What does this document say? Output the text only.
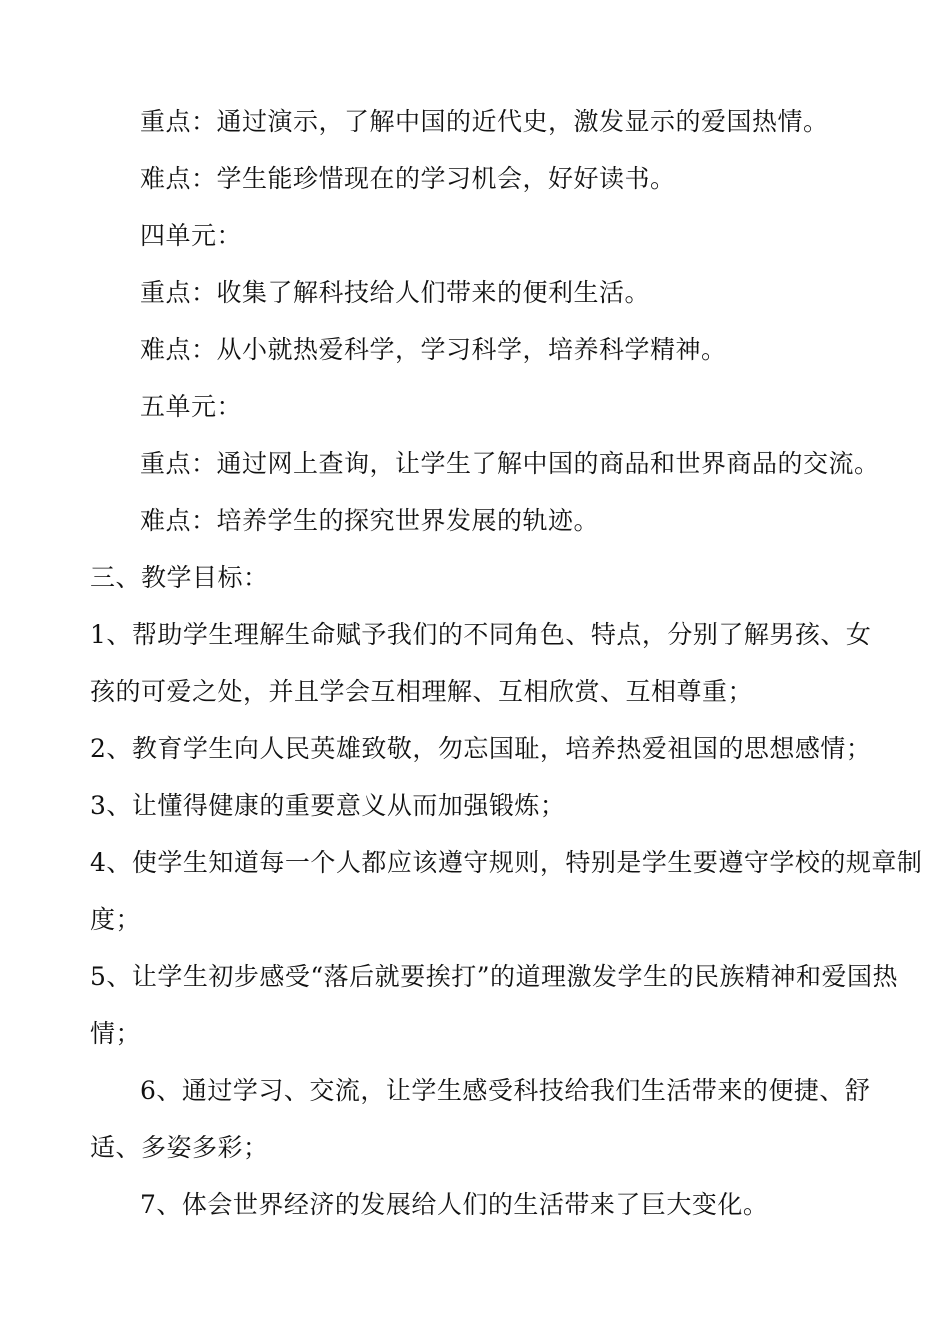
重点：通过演示，了解中国的近代史，激发显示的爱国热情。
难点：学生能珍惜现在的学习机会，好好读书。
四单元：
重点：收集了解科技给人们带来的便利生活。
难点：从小就热爱科学，学习科学，培养科学精神。
五单元：
重点：通过网上查询，让学生了解中国的商品和世界商品的交流。
难点：培养学生的探究世界发展的轨迹。
三、教学目标：
1、帮助学生理解生命赋予我们的不同角色、特点，分别了解男孩、女
孩的可爱之处，并且学会互相理解、互相欣赏、互相尊重；
2、教育学生向人民英雄致敬，勿忘国耻，培养热爱祖国的思想感情；
3、让懂得健康的重要意义从而加强锻炼；
4、使学生知道每一个人都应该遵守规则，特别是学生要遵守学校的规章制
度；
5、让学生初步感受“落后就要挨打”的道理激发学生的民族精神和爱国热
情；
6、通过学习、交流，让学生感受科技给我们生活带来的便捷、舒
适、多姿多彩；
7、体会世界经济的发展给人们的生活带来了巨大变化。
